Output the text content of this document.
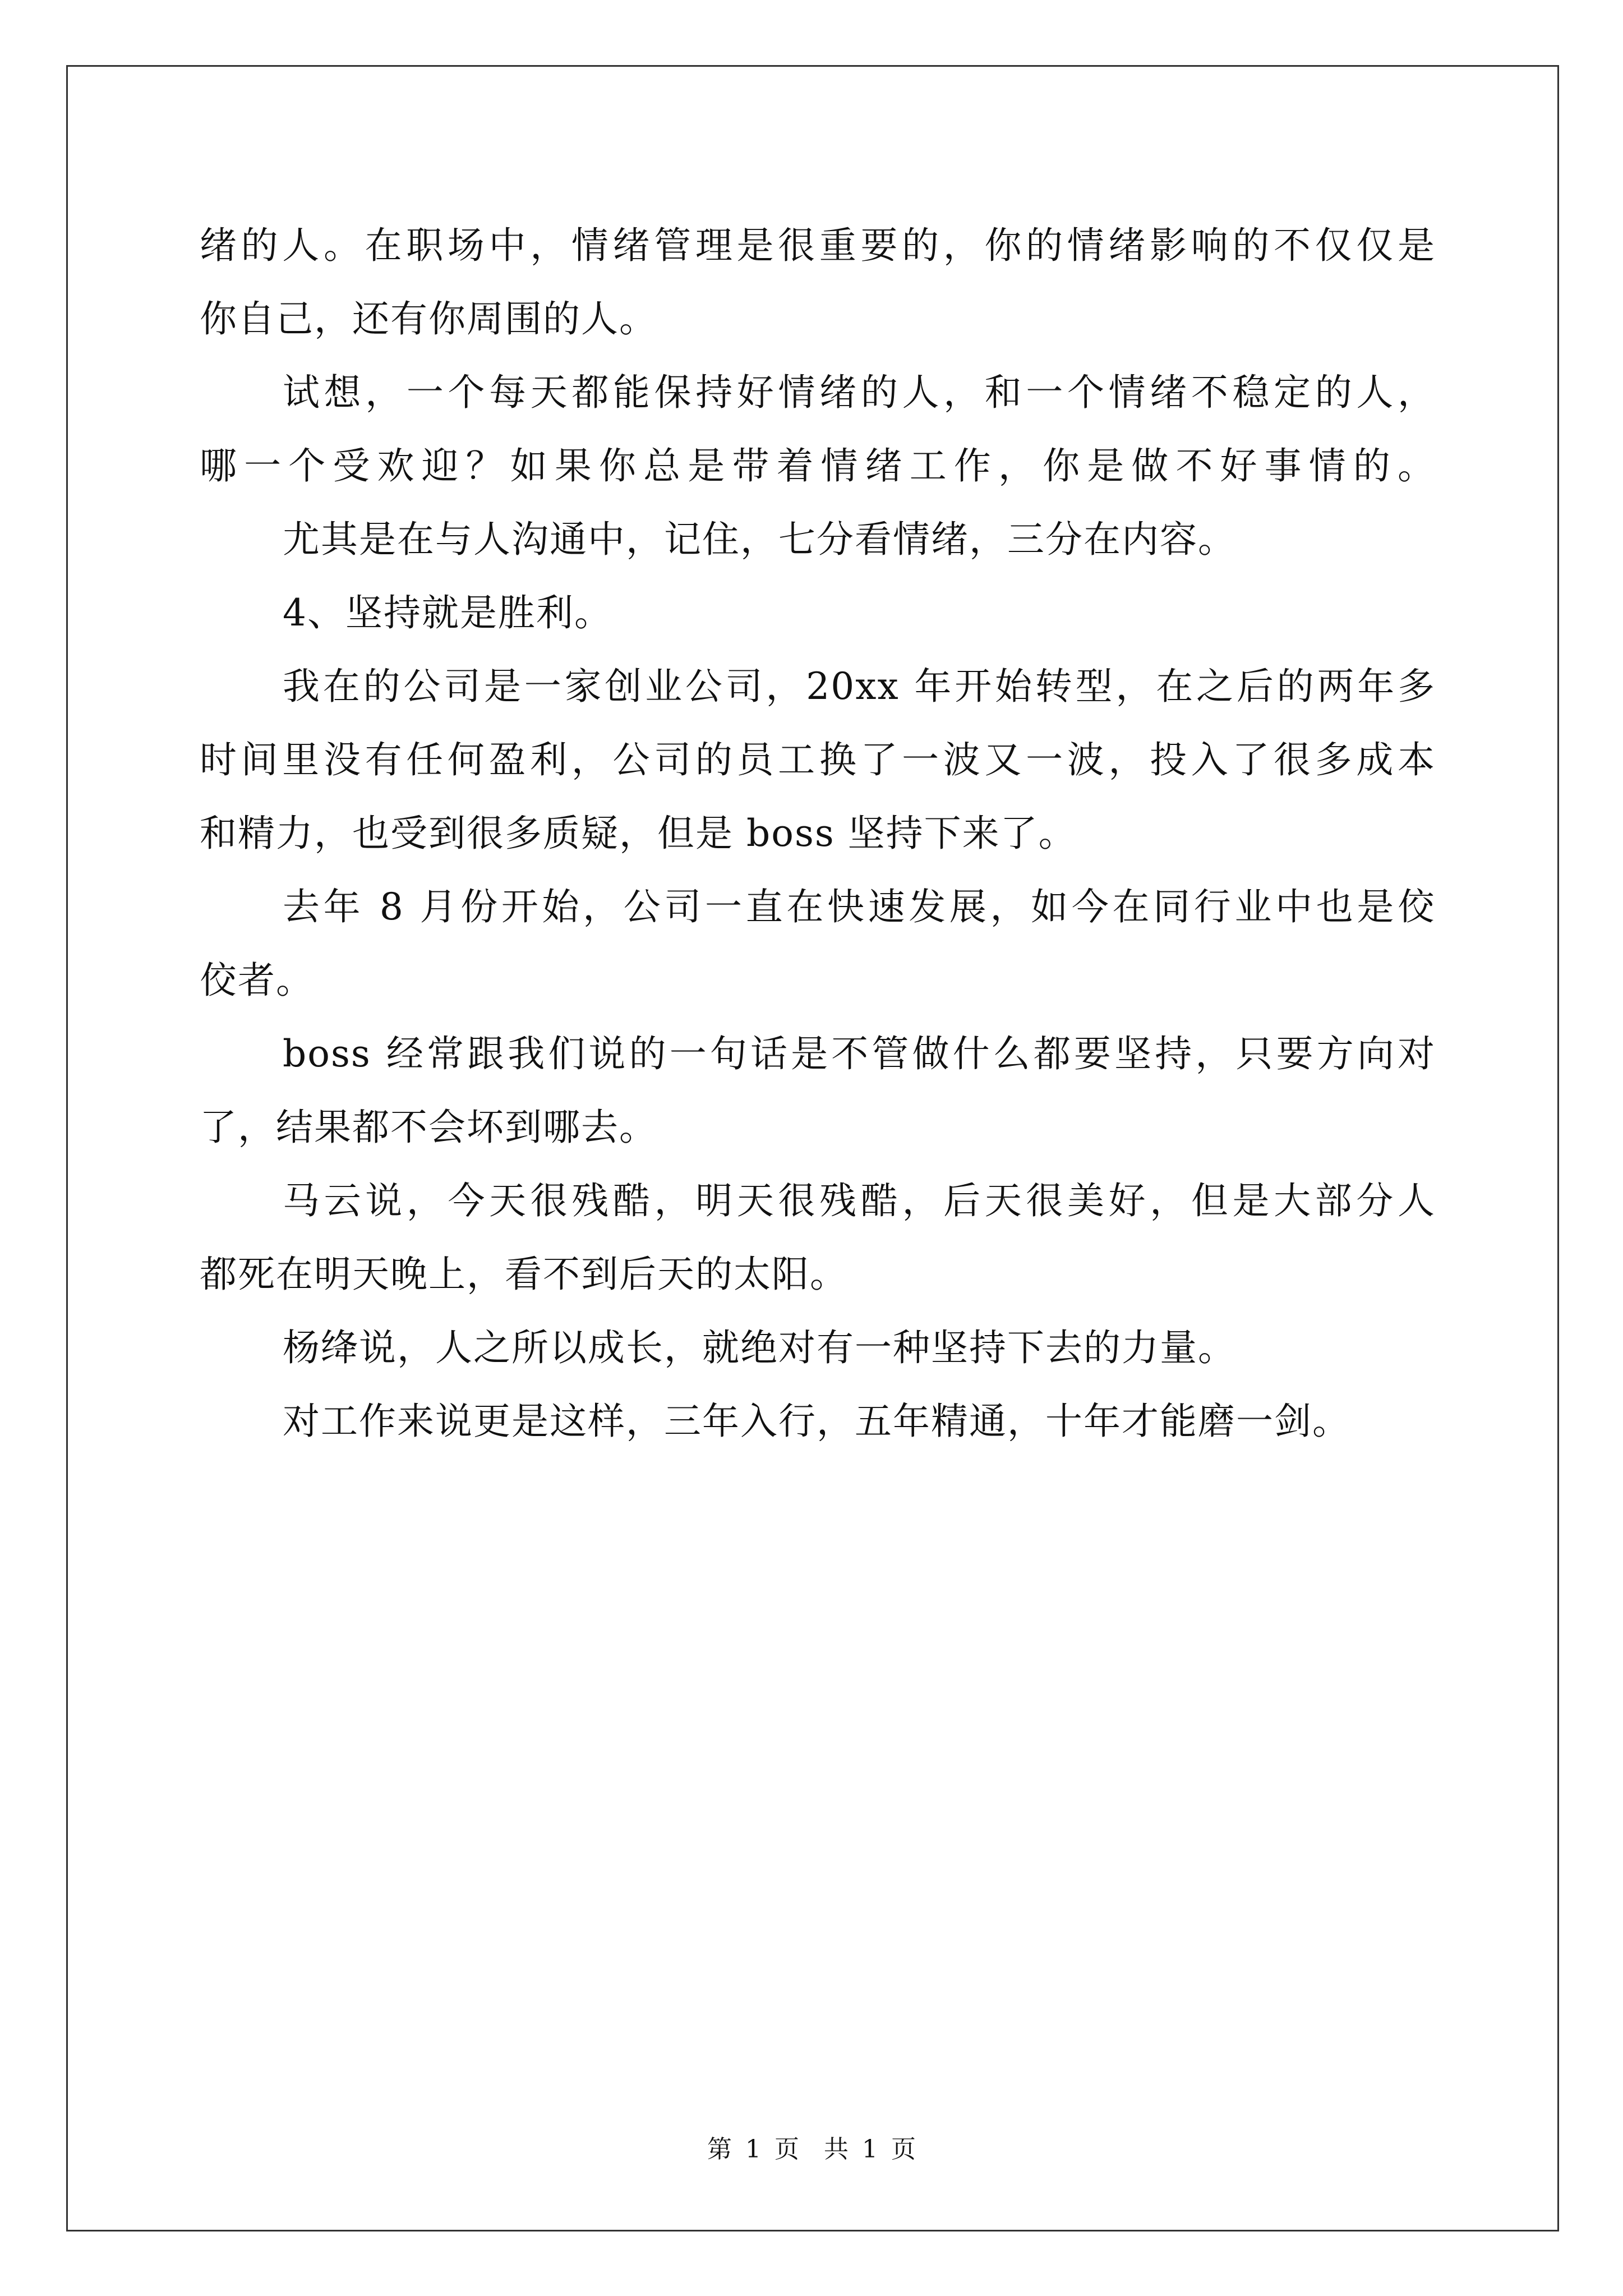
绪的人。在职场中，情绪管理是很重要的，你的情绪影响的不仅仅是
你自己，还有你周围的人。
试想，一个每天都能保持好情绪的人，和一个情绪不稳定的人，
哪一个受欢迎？如果你总是带着情绪工作，你是做不好事情的。
尤其是在与人沟通中，记住，七分看情绪，三分在内容。
4、坚持就是胜利。
我在的公司是一家创业公司，20xx 年开始转型，在之后的两年多
时间里没有任何盈利，公司的员工换了一波又一波，投入了很多成本
和精力，也受到很多质疑，但是 boss 坚持下来了。
去年 8 月份开始，公司一直在快速发展，如今在同行业中也是佼
佼者。
boss 经常跟我们说的一句话是不管做什么都要坚持，只要方向对
了，结果都不会坏到哪去。
马云说，今天很残酷，明天很残酷，后天很美好，但是大部分人
都死在明天晚上，看不到后天的太阳。
杨绛说，人之所以成长，就绝对有一种坚持下去的力量。
对工作来说更是这样，三年入行，五年精通，十年才能磨一剑。
第 1 页　共 1 页
